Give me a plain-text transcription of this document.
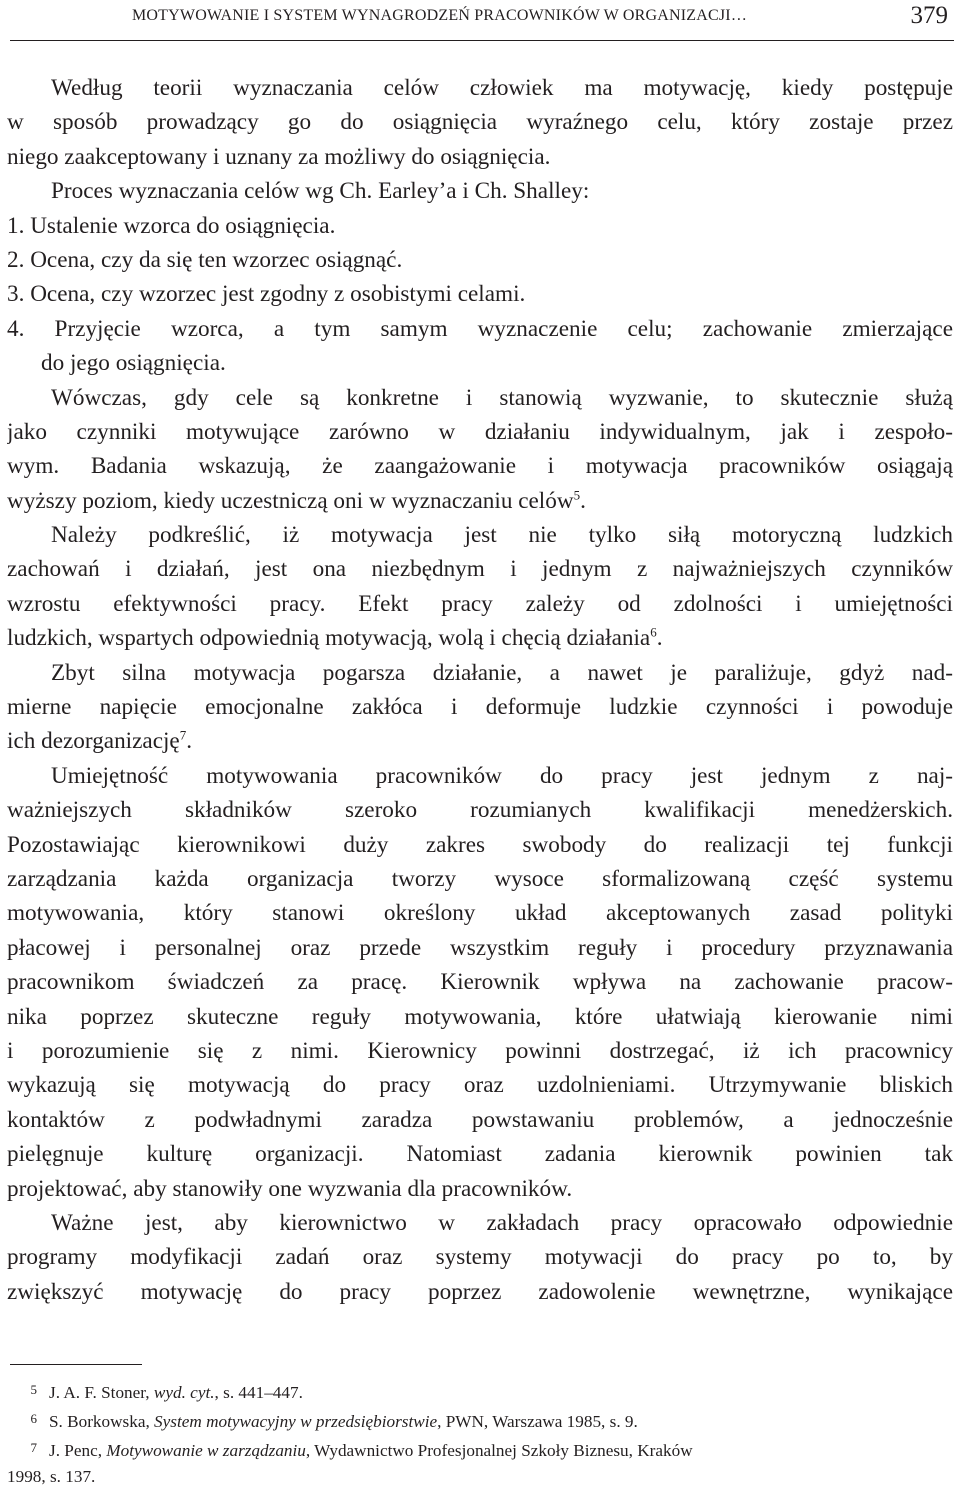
MOTYWOWANIE I SYSTEM WYNAGRODZEŃ PRACOWNIKÓW W ORGANIZACJI…	379
Według teorii wyznaczania celów człowiek ma motywację, kiedy postępuje
w sposób prowadzący go do osiągnięcia wyraźnego celu, który zostaje przez
niego zaakceptowany i uznany za możliwy do osiągnięcia.
Proces wyznaczania celów wg Ch. Earley’a i Ch. Shalley:
1. Ustalenie wzorca do osiągnięcia.
2. Ocena, czy da się ten wzorzec osiągnąć.
3. Ocena, czy wzorzec jest zgodny z osobistymi celami.
4. Przyjęcie wzorca, a tym samym wyznaczenie celu; zachowanie zmierzające
do jego osiągnięcia.
Wówczas, gdy cele są konkretne i stanowią wyzwanie, to skutecznie służą
jako czynniki motywujące zarówno w działaniu indywidualnym, jak i zespoło-
wym. Badania wskazują, że zaangażowanie i motywacja pracowników osiągają
wyższy poziom, kiedy uczestniczą oni w wyznaczaniu celów$^5$.
Należy podkreślić, iż motywacja jest nie tylko siłą motoryczną ludzkich
zachowań i działań, jest ona niezbędnym i jednym z najważniejszych czynników
wzrostu efektywności pracy. Efekt pracy zależy od zdolności i umiejętności
ludzkich, wspartych odpowiednią motywacją, wolą i chęcią działania$^6$.
Zbyt silna motywacja pogarsza działanie, a nawet je paraliżuje, gdyż nad-
mierne napięcie emocjonalne zakłóca i deformuje ludzkie czynności i powoduje
ich dezorganizację$^7$.
Umiejętność motywowania pracowników do pracy jest jednym z naj-
ważniejszych składników szeroko rozumianych kwalifikacji menedżerskich.
Pozostawiając kierownikowi duży zakres swobody do realizacji tej funkcji
zarządzania każda organizacja tworzy wysoce sformalizowaną część systemu
motywowania, który stanowi określony układ akceptowanych zasad polityki
płacowej i personalnej oraz przede wszystkim reguły i procedury przyznawania
pracownikom świadczeń za pracę. Kierownik wpływa na zachowanie pracow-
nika poprzez skuteczne reguły motywowania, które ułatwiają kierowanie nimi
i porozumienie się z nimi. Kierownicy powinni dostrzegać, iż ich pracownicy
wykazują się motywacją do pracy oraz uzdolnieniami. Utrzymywanie bliskich
kontaktów z podwładnymi zaradza powstawaniu problemów, a jednocześnie
pielęgnuje kulturę organizacji. Natomiast zadania kierownik powinien tak
projektować, aby stanowiły one wyzwania dla pracowników.
Ważne jest, aby kierownictwo w zakładach pracy opracowało odpowiednie
programy modyfikacji zadań oraz systemy motywacji do pracy po to, by
zwiększyć motywację do pracy poprzez zadowolenie wewnętrzne, wynikające
5 J. A. F. Stoner, wyd. cyt., s. 441–447.
6 S. Borkowska, System motywacyjny w przedsiębiorstwie, PWN, Warszawa 1985, s. 9.
7 J. Penc, Motywowanie w zarządzaniu, Wydawnictwo Profesjonalnej Szkoły Biznesu, Kraków
1998, s. 137.
